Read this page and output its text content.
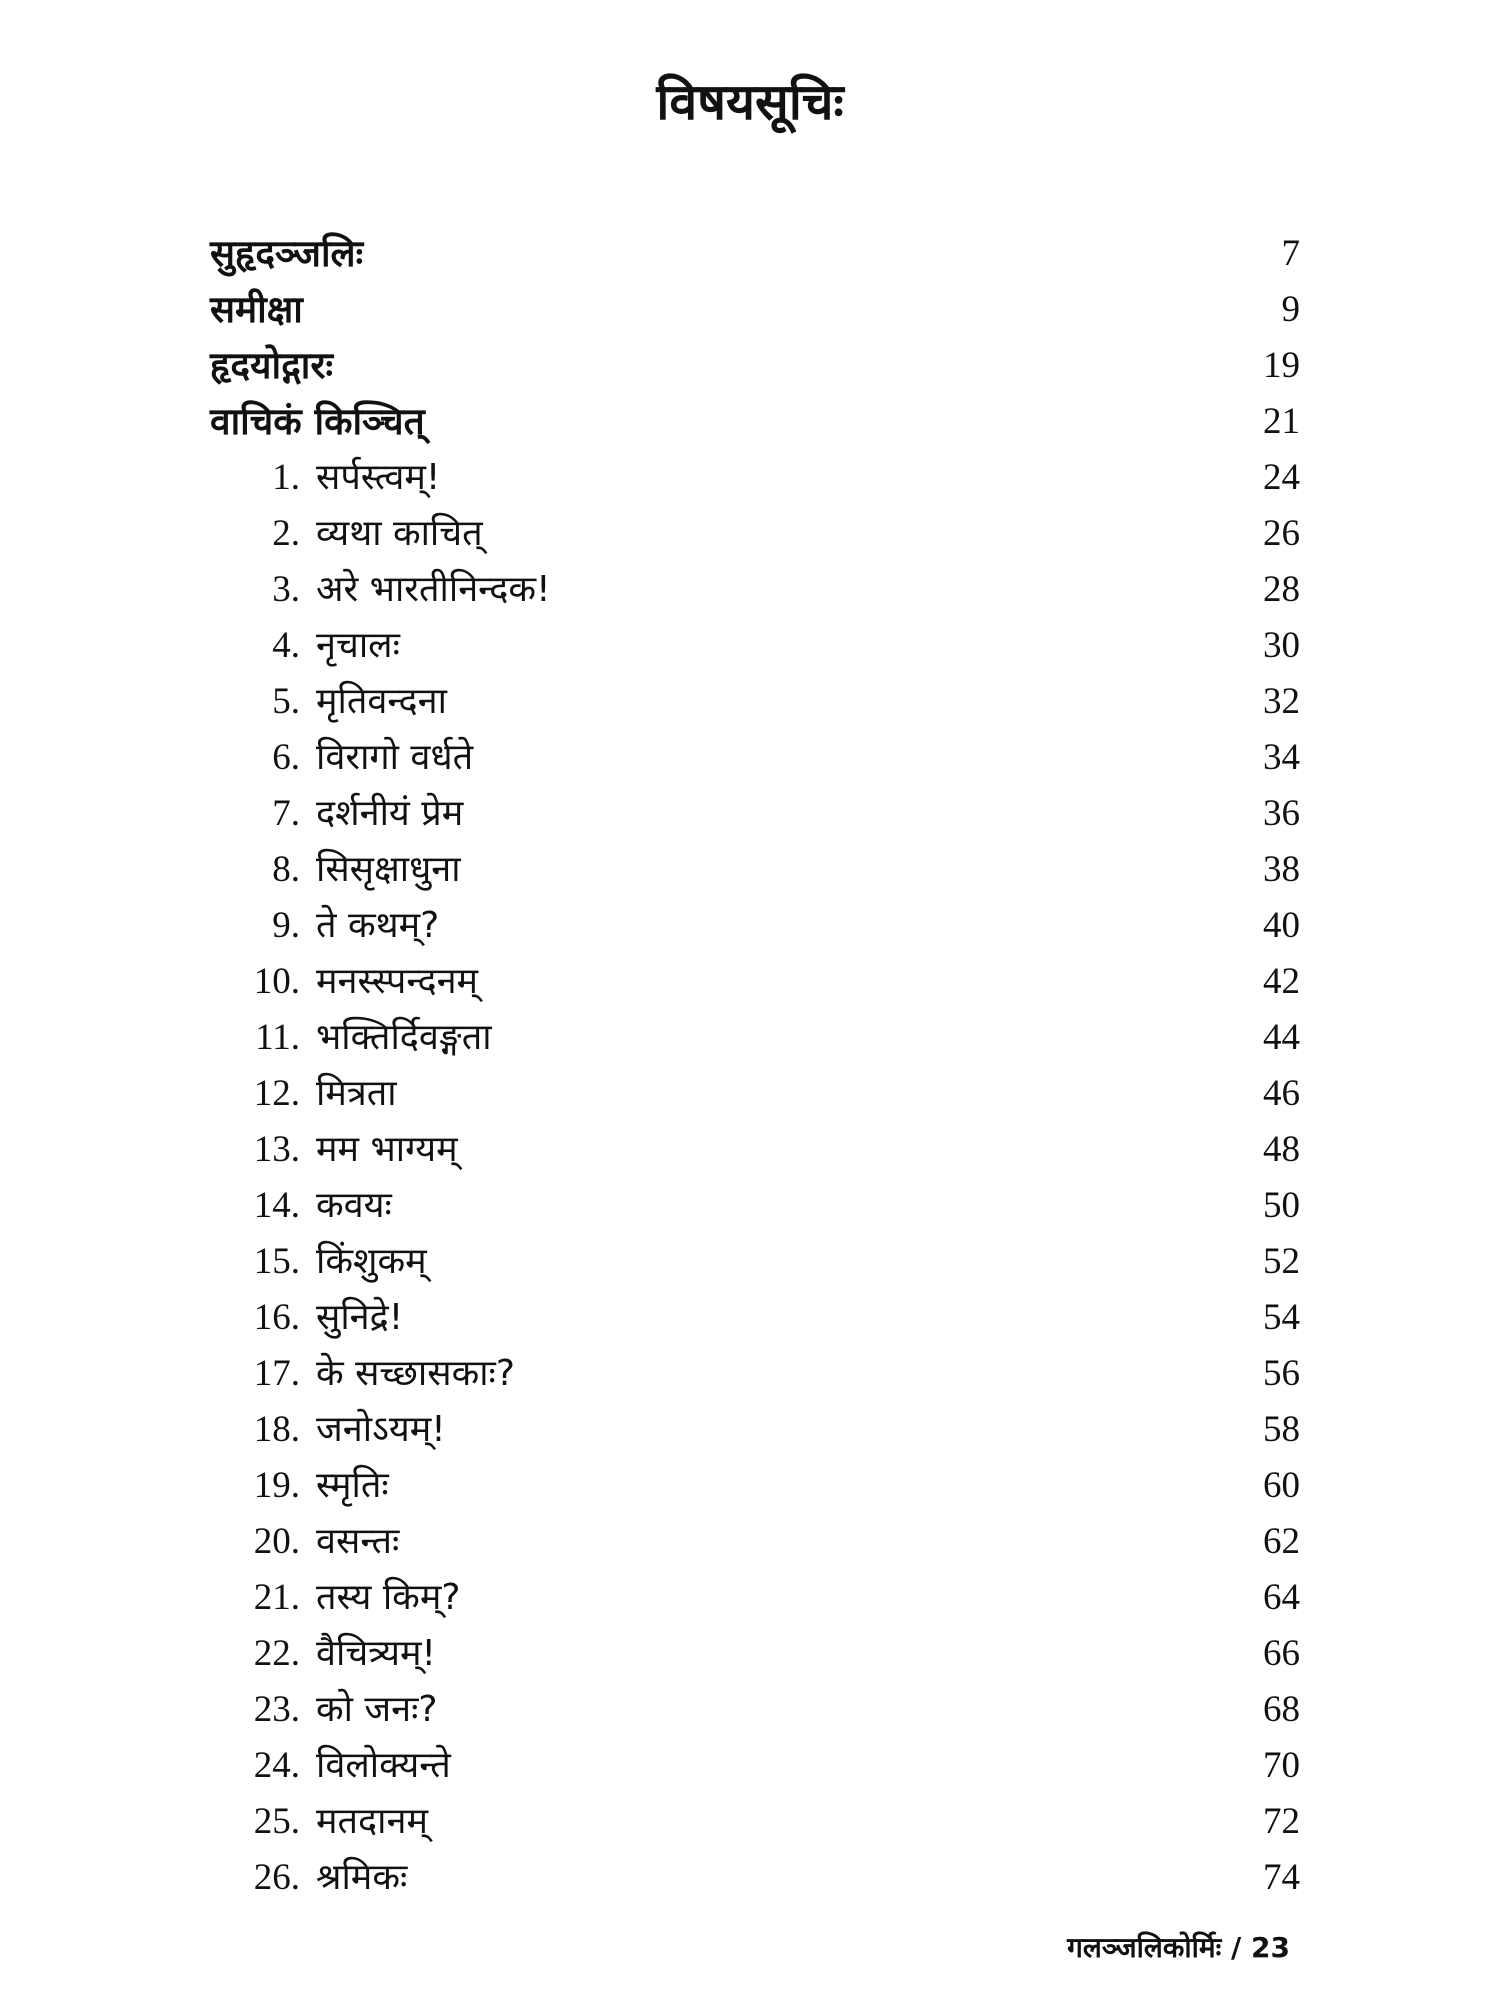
विषयसूचिः
सुहृदञ्जलिः	7
समीक्षा	9
हृदयोद्गारः	19
वाचिकं किञ्चित्	21
1. सर्पस्त्वम्!	24
2. व्यथा काचित्	26
3. अरे भारतीनिन्दक!	28
4. नृचालः	30
5. मृतिवन्दना	32
6. विरागो वर्धते	34
7. दर्शनीयं प्रेम	36
8. सिसृक्षाधुना	38
9. ते कथम्?	40
10. मनस्स्पन्दनम्	42
11. भक्तिर्दिवङ्गता	44
12. मित्रता	46
13. मम भाग्यम्	48
14. कवयः	50
15. किंशुकम्	52
16. सुनिद्रे!	54
17. के सच्छासकाः?	56
18. जनोऽयम्!	58
19. स्मृतिः	60
20. वसन्तः	62
21. तस्य किम्?	64
22. वैचित्र्यम्!	66
23. को जनः?	68
24. विलोक्यन्ते	70
25. मतदानम्	72
26. श्रमिकः	74
गलञ्जलिकोर्मिः / 23
